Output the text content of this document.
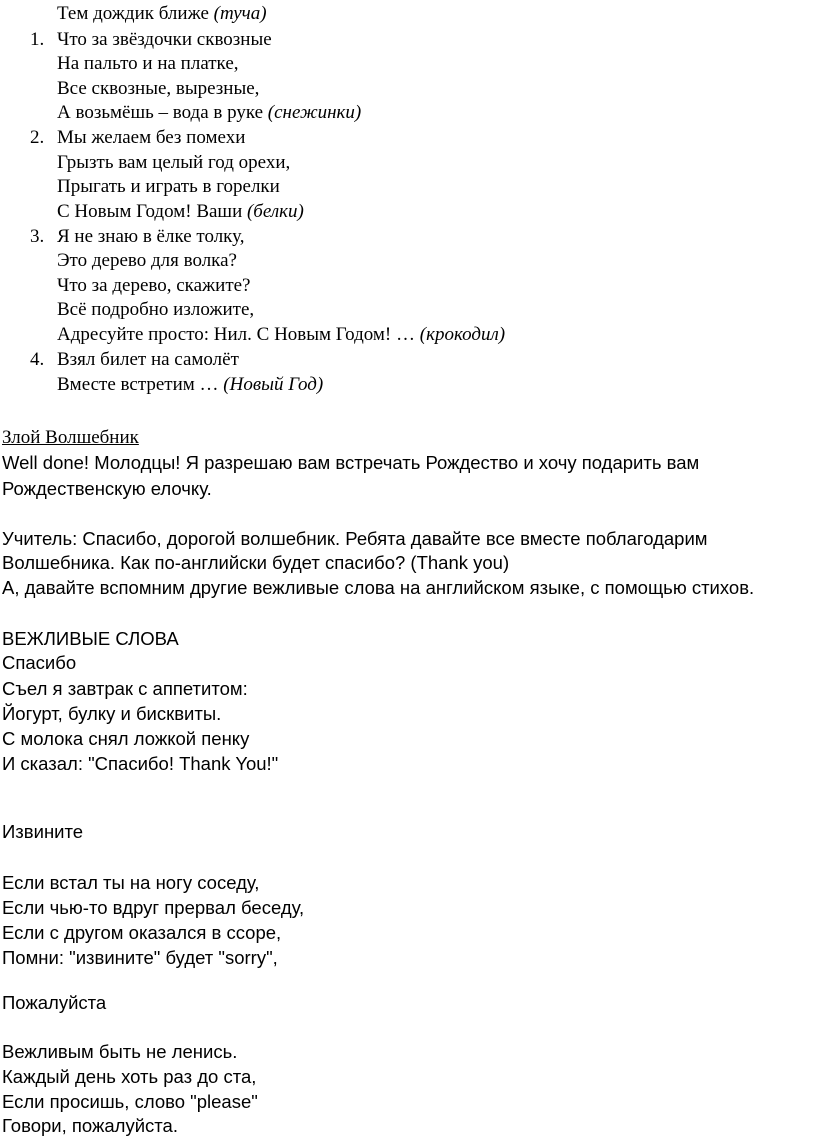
Тем дождик ближе (туча)
1. Что за звёздочки сквозные
На пальто и на платке,
Все сквозные, вырезные,
А возьмёшь – вода в руке (снежинки)
2. Мы желаем без помехи
Грызть вам целый год орехи,
Прыгать и играть в горелки
С Новым Годом! Ваши (белки)
3. Я не знаю в ёлке толку,
Это дерево для волка?
Что за дерево, скажите?
Всё подробно изложите,
Адресуйте просто: Нил. С Новым Годом! … (крокодил)
4. Взял билет на самолёт
Вместе встретим … (Новый Год)
Злой Волшебник
Well done! Молодцы! Я разрешаю вам встречать Рождество и хочу подарить вам
Рождественскую елочку.
Учитель: Спасибо, дорогой волшебник. Ребята давайте все вместе поблагодарим
Волшебника. Как по-английски будет спасибо? (Thank you)
А, давайте вспомним другие вежливые слова на английском языке, с помощью стихов.
ВЕЖЛИВЫЕ СЛОВА
Спасибо
Съел я завтрак с аппетитом:
Йогурт, булку и бисквиты.
С молока снял ложкой пенку
И сказал: "Спасибо! Thank You!"
Извините
Если встал ты на ногу соседу,
Если чью-то вдруг прервал беседу,
Если с другом оказался в ссоре,
Помни: "извините" будет "sorry",
Пожалуйста
Вежливым быть не ленись.
Каждый день хоть раз до ста,
Если просишь, слово "please"
Говори, пожалуйста.
